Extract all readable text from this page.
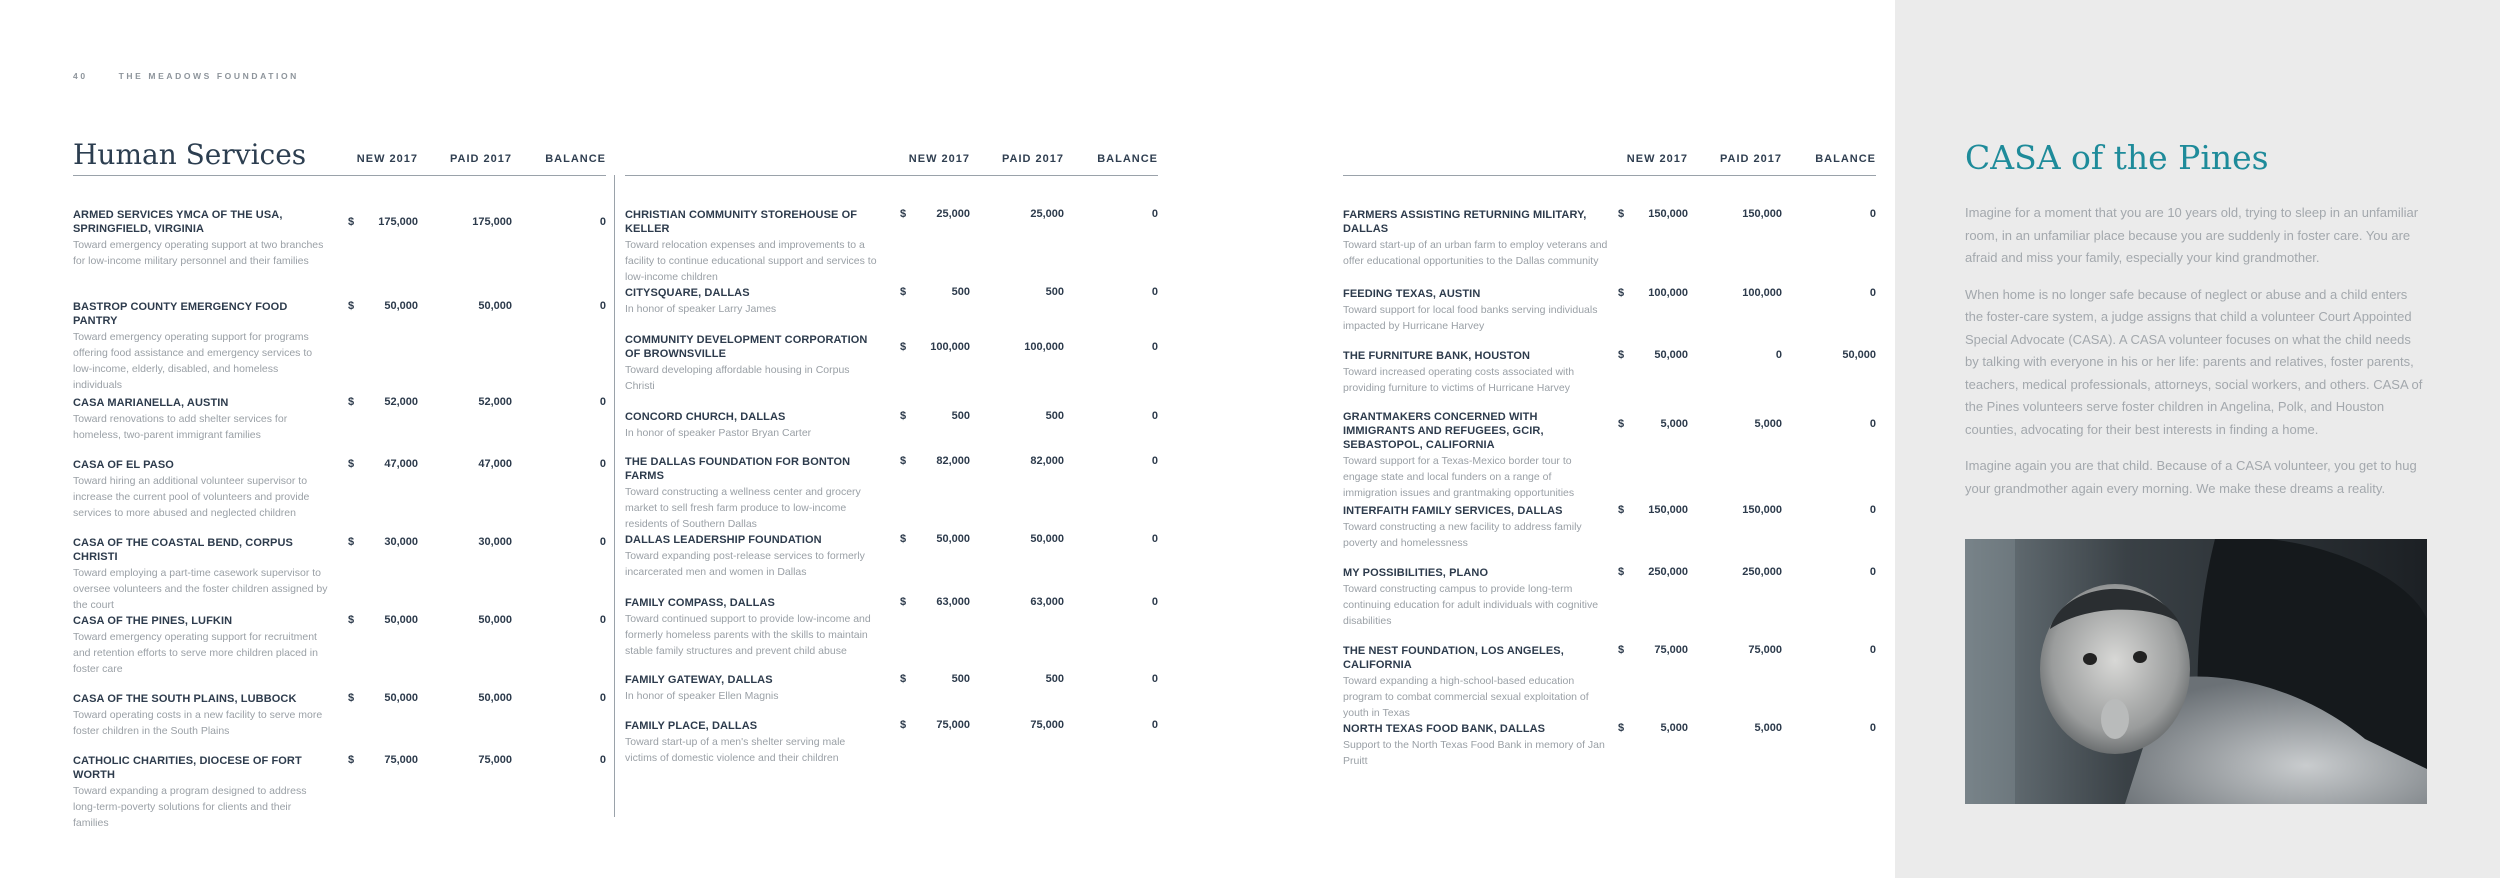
40	THE MEADOWS FOUNDATION
Human Services	NEW 2017	PAID 2017	BALANCE	NEW 2017	PAID 2017	BALANCE	NEW 2017	PAID 2017	BALANCE
ARMED SERVICES YMCA OF THE USA, SPRINGFIELD, VIRGINIA
Toward emergency operating support at two branches for low-income military personnel and their families
$	175,000	175,000	0
BASTROP COUNTY EMERGENCY FOOD PANTRY
Toward emergency operating support for programs offering food assistance and emergency services to low-income, elderly, disabled, and homeless individuals
$	50,000	50,000	0
CASA MARIANELLA, AUSTIN
Toward renovations to add shelter services for homeless, two-parent immigrant families
$	52,000	52,000	0
CASA OF EL PASO
Toward hiring an additional volunteer supervisor to increase the current pool of volunteers and provide services to more abused and neglected children
$	47,000	47,000	0
CASA OF THE COASTAL BEND, CORPUS CHRISTI
Toward employing a part-time casework supervisor to oversee volunteers and the foster children assigned by the court
$	30,000	30,000	0
CASA OF THE PINES, LUFKIN
Toward emergency operating support for recruitment and retention efforts to serve more children placed in foster care
$	50,000	50,000	0
CASA OF THE SOUTH PLAINS, LUBBOCK
Toward operating costs in a new facility to serve more foster children in the South Plains
$	50,000	50,000	0
CATHOLIC CHARITIES, DIOCESE OF FORT WORTH
Toward expanding a program designed to address long-term-poverty solutions for clients and their families
$	75,000	75,000	0
CHRISTIAN COMMUNITY STOREHOUSE OF KELLER
Toward relocation expenses and improvements to a facility to continue educational support and services to low-income children
$	25,000	25,000	0
CITYSQUARE, DALLAS
In honor of speaker Larry James
$	500	500	0
COMMUNITY DEVELOPMENT CORPORATION OF BROWNSVILLE
Toward developing affordable housing in Corpus Christi
$	100,000	100,000	0
CONCORD CHURCH, DALLAS
In honor of speaker Pastor Bryan Carter
$	500	500	0
THE DALLAS FOUNDATION FOR BONTON FARMS
Toward constructing a wellness center and grocery market to sell fresh farm produce to low-income residents of Southern Dallas
$	82,000	82,000	0
DALLAS LEADERSHIP FOUNDATION
Toward expanding post-release services to formerly incarcerated men and women in Dallas
$	50,000	50,000	0
FAMILY COMPASS, DALLAS
Toward continued support to provide low-income and formerly homeless parents with the skills to maintain stable family structures and prevent child abuse
$	63,000	63,000	0
FAMILY GATEWAY, DALLAS
In honor of speaker Ellen Magnis
$	500	500	0
FAMILY PLACE, DALLAS
Toward start-up of a men's shelter serving male victims of domestic violence and their children
$	75,000	75,000	0
FARMERS ASSISTING RETURNING MILITARY, DALLAS
Toward start-up of an urban farm to employ veterans and offer educational opportunities to the Dallas community
$	150,000	150,000	0
FEEDING TEXAS, AUSTIN
Toward support for local food banks serving individuals impacted by Hurricane Harvey
$	100,000	100,000	0
THE FURNITURE BANK, HOUSTON
Toward increased operating costs associated with providing furniture to victims of Hurricane Harvey
$	50,000	0	50,000
GRANTMAKERS CONCERNED WITH IMMIGRANTS AND REFUGEES, GCIR, SEBASTOPOL, CALIFORNIA
Toward support for a Texas-Mexico border tour to engage state and local funders on a range of immigration issues and grantmaking opportunities
$	5,000	5,000	0
INTERFAITH FAMILY SERVICES, DALLAS
Toward constructing a new facility to address family poverty and homelessness
$	150,000	150,000	0
MY POSSIBILITIES, PLANO
Toward constructing campus to provide long-term continuing education for adult individuals with cognitive disabilities
$	250,000	250,000	0
THE NEST FOUNDATION, LOS ANGELES, CALIFORNIA
Toward expanding a high-school-based education program to combat commercial sexual exploitation of youth in Texas
$	75,000	75,000	0
NORTH TEXAS FOOD BANK, DALLAS
Support to the North Texas Food Bank in memory of Jan Pruitt
$	5,000	5,000	0
CASA of the Pines

Imagine for a moment that you are 10 years old, trying to sleep in an unfamiliar room, in an unfamiliar place because you are suddenly in foster care. You are afraid and miss your family, especially your kind grandmother.

When home is no longer safe because of neglect or abuse and a child enters the foster-care system, a judge assigns that child a volunteer Court Appointed Special Advocate (CASA). A CASA volunteer focuses on what the child needs by talking with everyone in his or her life: parents and relatives, foster parents, teachers, medical professionals, attorneys, social workers, and others. CASA of the Pines volunteers serve foster children in Angelina, Polk, and Houston counties, advocating for their best interests in finding a home.

Imagine again you are that child. Because of a CASA volunteer, you get to hug your grandmother again every morning. We make these dreams a reality.
